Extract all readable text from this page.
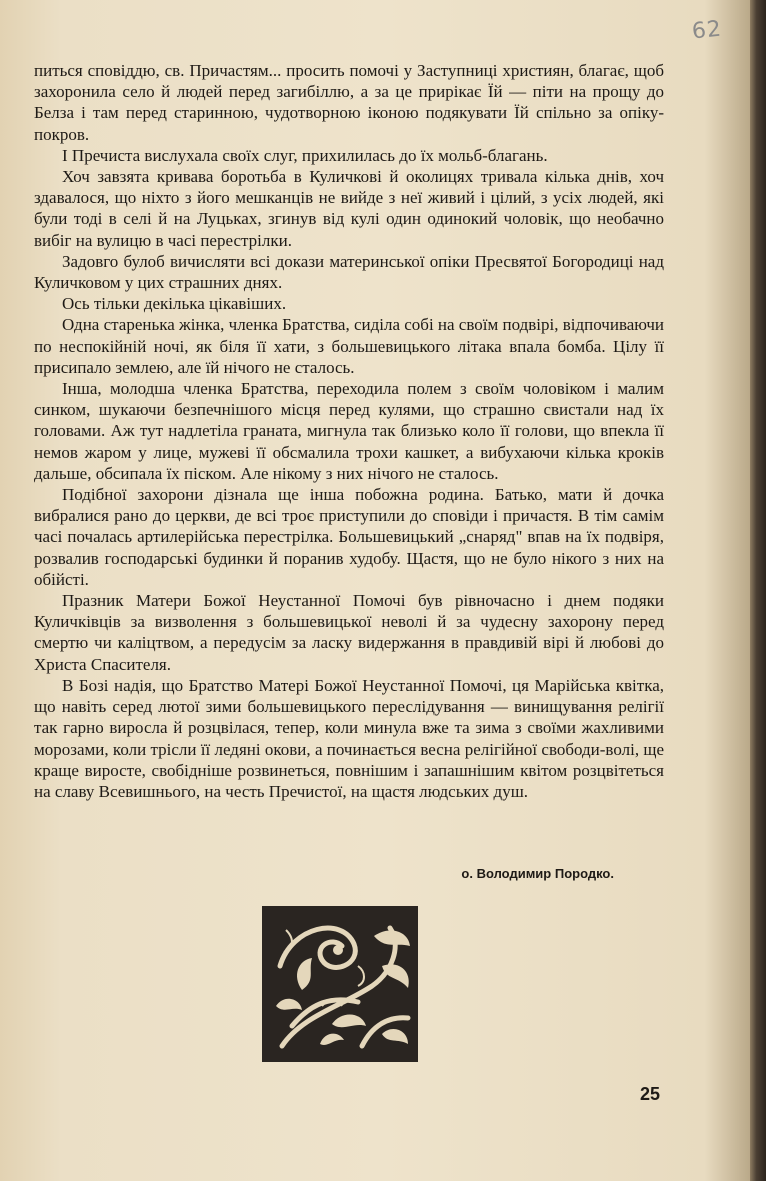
62

питься сповіддю, св. Причастям... просить помочі у Заступниці християн, благає, щоб захоронила село й людей перед загибіллю, а за це прирікає Їй — піти на прощу до Белза і там перед старинною, чудотворною іконою подякувати Їй спільно за опіку-покров.

І Пречиста вислухала своїх слуг, прихилилась до їх мольб-благань.

Хоч завзята кривава боротьба в Куличкові й околицях тривала кілька днів, хоч здавалося, що ніхто з його мешканців не вийде з неї живий і цілий, з усіх людей, які були тоді в селі й на Луцьках, згинув від кулі один одинокий чоловік, що необачно вибіг на вулицю в часі перестрілки.

Задовго булоб вичисляти всі докази материнської опіки Пресвятої Богородиці над Куличковом у цих страшних днях.

Ось тільки декілька цікавіших.

Одна старенька жінка, членка Братства, сиділа собі на своїм подвірі, відпочиваючи по неспокійній ночі, як біля її хати, з большевицького літака впала бомба. Цілу її присипало землею, але їй нічого не сталось.

Інша, молодша членка Братства, переходила полем з своїм чоловіком і малим синком, шукаючи безпечнішого місця перед кулями, що страшно свистали над їх головами. Аж тут надлетіла граната, мигнула так близько коло її голови, що впекла її немов жаром у лице, мужеві її обсмалила трохи кашкет, а вибухаючи кілька кроків дальше, обсипала їх піском. Але нікому з них нічого не сталось.

Подібної захорони дізнала ще інша побожна родина. Батько, мати й дочка вибралися рано до церкви, де всі троє приступили до сповіди і причастя. В тім самім часі почалась артилерійська перестрілка. Большевицький „снаряд" впав на їх подвіря, розвалив господарські будинки й поранив худобу. Щастя, що не було нікого з них на обійсті.

Празник Матери Божої Неустанної Помочі був рівночасно і днем подяки Куличківців за визволення з большевицької неволі й за чудесну захорону перед смертю чи каліцтвом, а передусім за ласку видержання в правдивій вірі й любові до Христа Спасителя.

В Бозі надія, що Братство Матері Божої Неустанної Помочі, ця Марійська квітка, що навіть серед лютої зими большевицького переслідування — винищування релігії так гарно виросла й розцвілася, тепер, коли минула вже та зима з своїми жахливими морозами, коли трісли її ледяні окови, а починається весна релігійної свободи-волі, ще краще виросте, свобідніше розвинеться, повнішим і запашнішим квітом розцвітеться на славу Всевишнього, на честь Пречистої, на щастя людських душ.

о. Володимир Породко.
25
